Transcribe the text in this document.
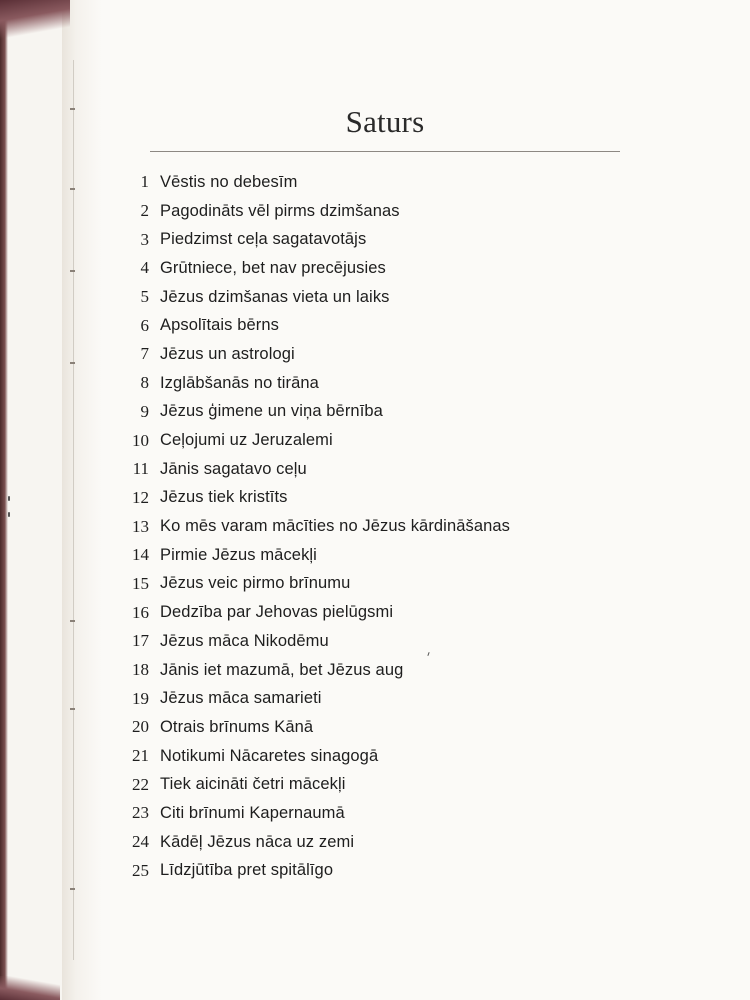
Saturs
1 Vēstis no debesīm
2 Pagodināts vēl pirms dzimšanas
3 Piedzimst ceļa sagatavotājs
4 Grūtniece, bet nav precējusies
5 Jēzus dzimšanas vieta un laiks
6 Apsolītais bērns
7 Jēzus un astrologi
8 Izglābšanās no tirāna
9 Jēzus ģimene un viņa bērnība
10 Ceļojumi uz Jeruzalemi
11 Jānis sagatavo ceļu
12 Jēzus tiek kristīts
13 Ko mēs varam mācīties no Jēzus kārdināšanas
14 Pirmie Jēzus mācekļi
15 Jēzus veic pirmo brīnumu
16 Dedzība par Jehovas pielūgsmi
17 Jēzus māca Nikodēmu
18 Jānis iet mazumā, bet Jēzus aug
19 Jēzus māca samarieti
20 Otrais brīnums Kānā
21 Notikumi Nācaretes sinagogā
22 Tiek aicināti četri mācekļi
23 Citi brīnumi Kapernaumā
24 Kādēļ Jēzus nāca uz zemi
25 Līdzjūtība pret spitālīgo
